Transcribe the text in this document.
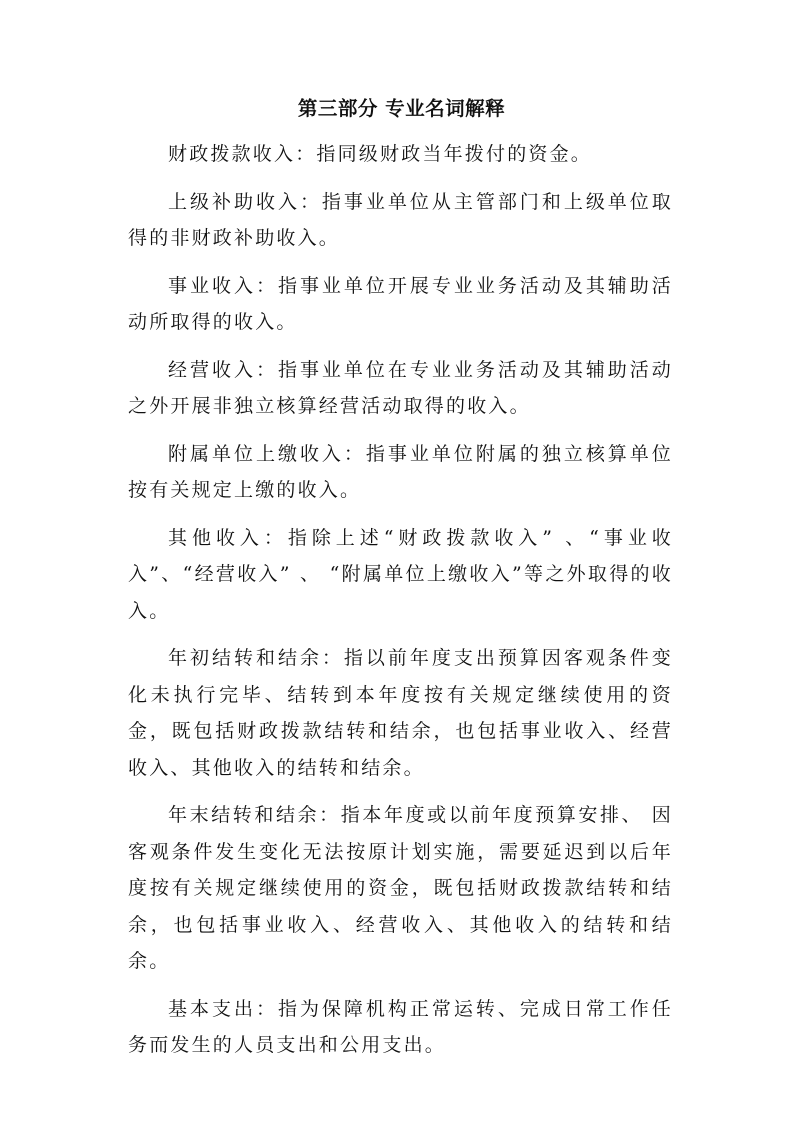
第三部分 专业名词解释

财政拨款收入：指同级财政当年拨付的资金。

上级补助收入：指事业单位从主管部门和上级单位取得的非财政补助收入。

事业收入：指事业单位开展专业业务活动及其辅助活动所取得的收入。

经营收入：指事业单位在专业业务活动及其辅助活动之外开展非独立核算经营活动取得的收入。

附属单位上缴收入：指事业单位附属的独立核算单位按有关规定上缴的收入。

其他收入：指除上述“财政拨款收入” 、“事业收入”、“经营收入” 、 “附属单位上缴收入”等之外取得的收入。

年初结转和结余：指以前年度支出预算因客观条件变化未执行完毕、结转到本年度按有关规定继续使用的资金，既包括财政拨款结转和结余，也包括事业收入、经营收入、其他收入的结转和结余。

年末结转和结余：指本年度或以前年度预算安排、 因客观条件发生变化无法按原计划实施，需要延迟到以后年度按有关规定继续使用的资金，既包括财政拨款结转和结余，也包括事业收入、经营收入、其他收入的结转和结余。

基本支出：指为保障机构正常运转、完成日常工作任务而发生的人员支出和公用支出。
